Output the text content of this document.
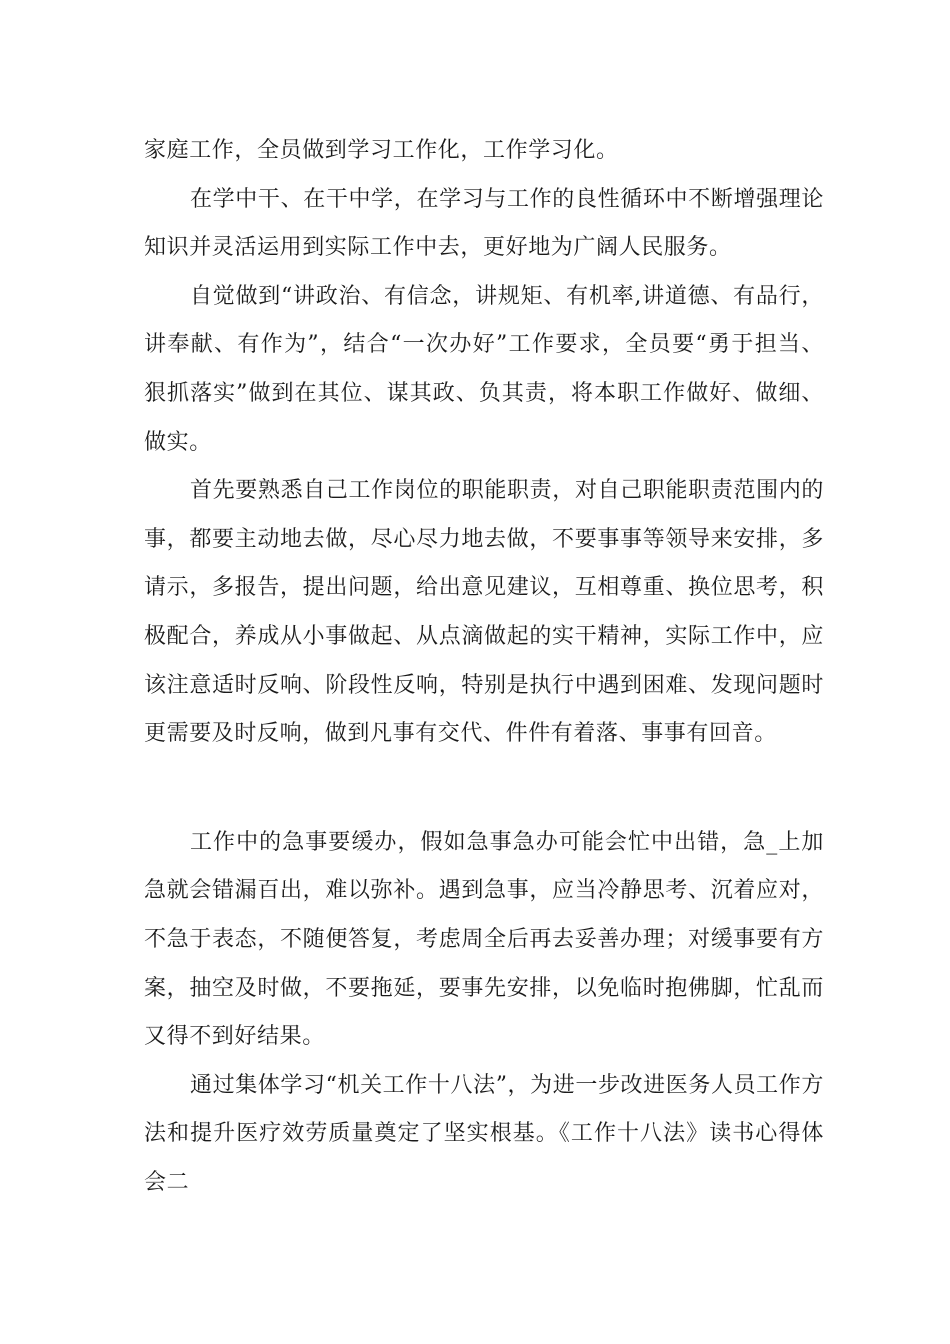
家庭工作，全员做到学习工作化，工作学习化。

在学中干、在干中学，在学习与工作的良性循环中不断增强理论知识并灵活运用到实际工作中去，更好地为广阔人民服务。

自觉做到“讲政治、有信念，讲规矩、有机率,讲道德、有品行，讲奉献、有作为”，结合“一次办好”工作要求，全员要“勇于担当、狠抓落实”做到在其位、谋其政、负其责，将本职工作做好、做细、做实。

首先要熟悉自己工作岗位的职能职责，对自己职能职责范围内的事，都要主动地去做，尽心尽力地去做，不要事事等领导来安排，多请示，多报告，提出问题，给出意见建议，互相尊重、换位思考，积极配合，养成从小事做起、从点滴做起的实干精神，实际工作中，应该注意适时反响、阶段性反响，特别是执行中遇到困难、发现问题时更需要及时反响，做到凡事有交代、件件有着落、事事有回音。

工作中的急事要缓办，假如急事急办可能会忙中出错，急_上加急就会错漏百出，难以弥补。遇到急事，应当冷静思考、沉着应对，不急于表态，不随便答复，考虑周全后再去妥善办理；对缓事要有方案，抽空及时做，不要拖延，要事先安排，以免临时抱佛脚，忙乱而又得不到好结果。

通过集体学习“机关工作十八法”，为进一步改进医务人员工作方法和提升医疗效劳质量奠定了坚实根基。《工作十八法》读书心得体会二
